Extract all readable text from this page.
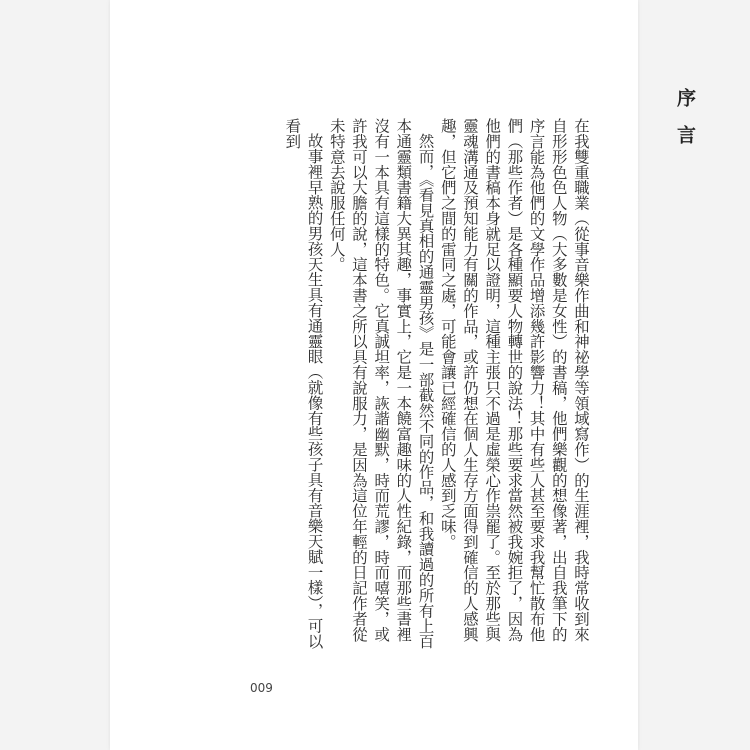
序言

在我雙重職業（從事音樂作曲和神祕學等領域寫作）的生涯裡，我時常收到來自形形色色人物（大多數是女性）的書稿，他們樂觀的想像著，出自我筆下的序言能為他們的文學作品增添幾許影響力！其中有些人甚至要求我幫忙散布他們（那些作者）是各種顯要人物轉世的說法！那些要求當然被我婉拒了，因為他們的書稿本身就足以證明，這種主張只不過是虛榮心作祟罷了。至於那些與靈魂溝通及預知能力有關的作品，或許仍想在個人生存方面得到確信的人感興趣，但它們之間的雷同之處，可能會讓已經確信的人感到乏味。

然而，《看見真相的通靈男孩》是一部截然不同的作品，和我讀過的所有上百本通靈類書籍大異其趣，事實上，它是一本饒富趣味的人性紀錄，而那些書裡沒有一本具有這樣的特色。它真誠坦率，詼諧幽默，時而荒謬，時而嘻笑，或許我可以大膽的說，這本書之所以具有說服力，是因為這位年輕的日記作者從未特意去說服任何人。

故事裡早熟的男孩天生具有通靈眼（就像有些孩子具有音樂天賦一樣），可以看到

009
